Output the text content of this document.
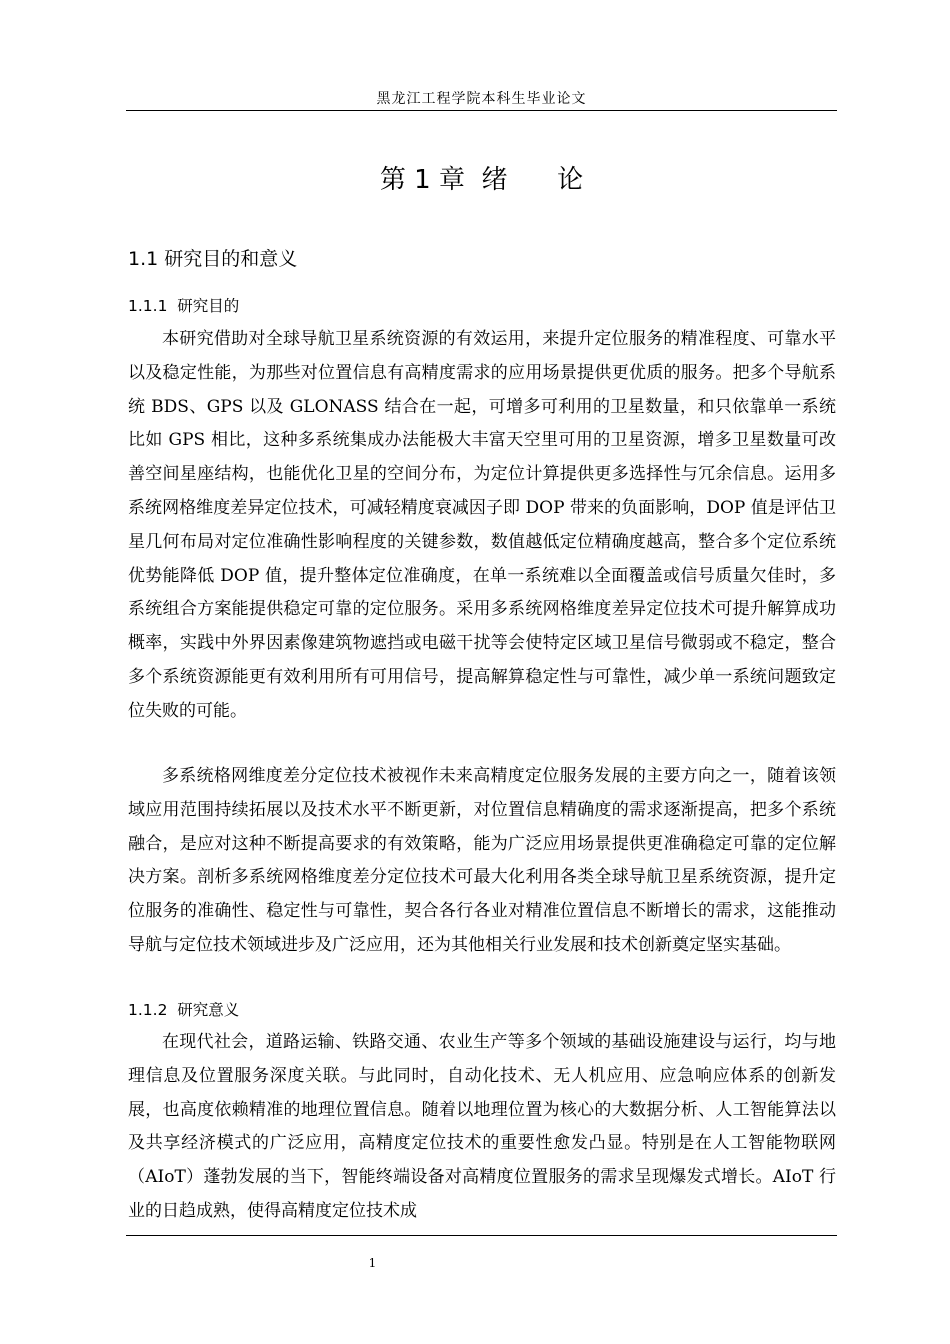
黑龙江工程学院本科生毕业论文
第 1 章  绪      论
1.1 研究目的和意义
1.1.1  研究目的

本研究借助对全球导航卫星系统资源的有效运用，来提升定位服务的精准程度、可靠水平以及稳定性能，为那些对位置信息有高精度需求的应用场景提供更优质的服务。把多个导航系统 BDS、GPS 以及 GLONASS 结合在一起，可增多可利用的卫星数量，和只依靠单一系统比如 GPS 相比，这种多系统集成办法能极大丰富天空里可用的卫星资源，增多卫星数量可改善空间星座结构，也能优化卫星的空间分布，为定位计算提供更多选择性与冗余信息。运用多系统网格维度差异定位技术，可减轻精度衰减因子即 DOP 带来的负面影响，DOP 值是评估卫星几何布局对定位准确性影响程度的关键参数，数值越低定位精确度越高，整合多个定位系统优势能降低 DOP 值，提升整体定位准确度，在单一系统难以全面覆盖或信号质量欠佳时，多系统组合方案能提供稳定可靠的定位服务。采用多系统网格维度差异定位技术可提升解算成功概率，实践中外界因素像建筑物遮挡或电磁干扰等会使特定区域卫星信号微弱或不稳定，整合多个系统资源能更有效利用所有可用信号，提高解算稳定性与可靠性，减少单一系统问题致定位失败的可能。

多系统格网维度差分定位技术被视作未来高精度定位服务发展的主要方向之一，随着该领域应用范围持续拓展以及技术水平不断更新，对位置信息精确度的需求逐渐提高，把多个系统融合，是应对这种不断提高要求的有效策略，能为广泛应用场景提供更准确稳定可靠的定位解决方案。剖析多系统网格维度差分定位技术可最大化利用各类全球导航卫星系统资源，提升定位服务的准确性、稳定性与可靠性，契合各行各业对精准位置信息不断增长的需求，这能推动导航与定位技术领域进步及广泛应用，还为其他相关行业发展和技术创新奠定坚实基础。

1.1.2  研究意义

在现代社会，道路运输、铁路交通、农业生产等多个领域的基础设施建设与运行，均与地理信息及位置服务深度关联。与此同时，自动化技术、无人机应用、应急响应体系的创新发展，也高度依赖精准的地理位置信息。随着以地理位置为核心的大数据分析、人工智能算法以及共享经济模式的广泛应用，高精度定位技术的重要性愈发凸显。特别是在人工智能物联网（AIoT）蓬勃发展的当下，智能终端设备对高精度位置服务的需求呈现爆发式增长。AIoT 行业的日趋成熟，使得高精度定位技术成

1
